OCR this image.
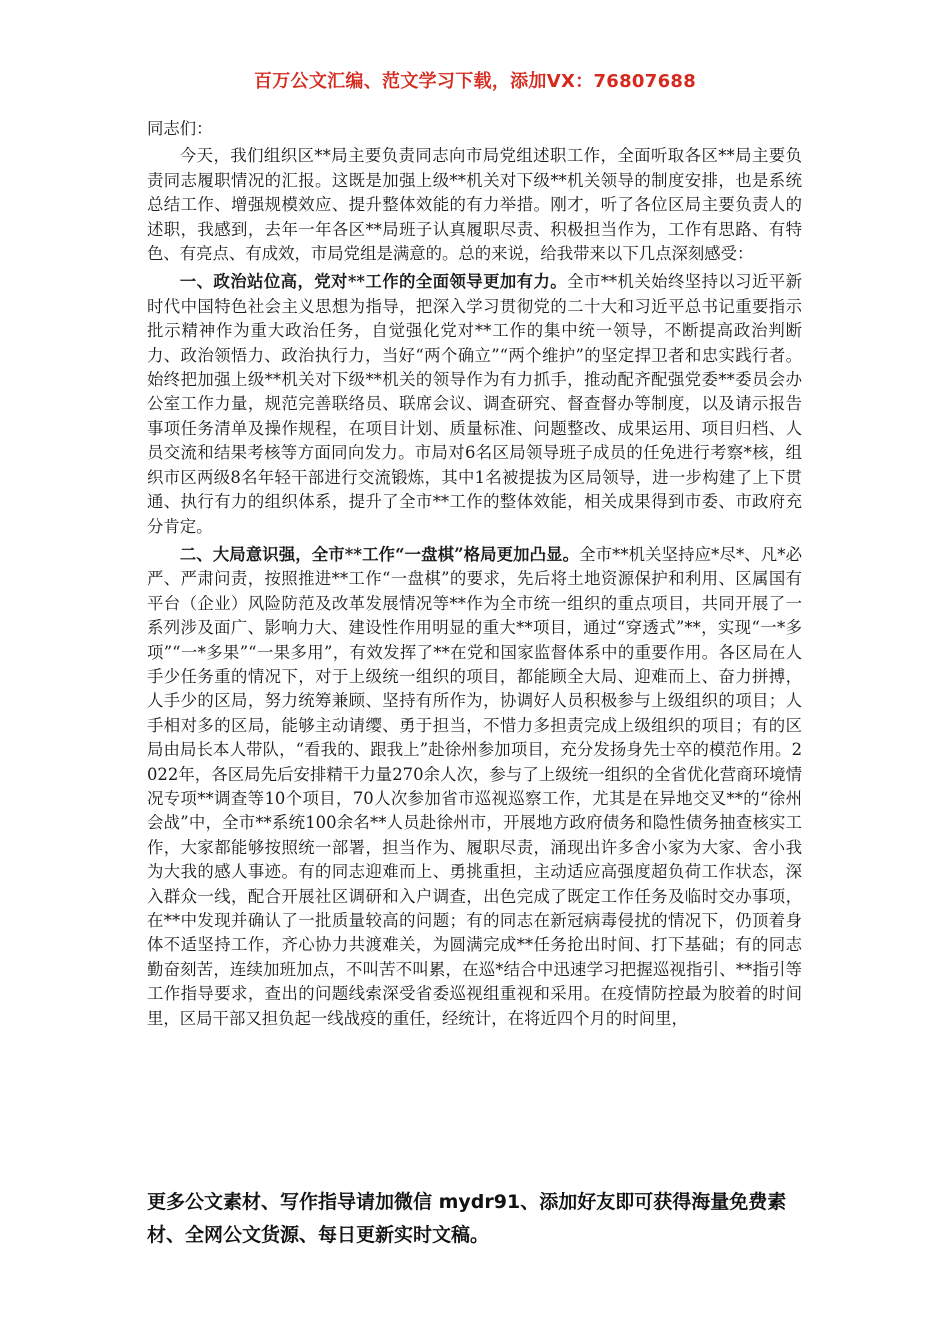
百万公文汇编、范文学习下载，添加VX：76807688

同志们：

今天，我们组织区**局主要负责同志向市局党组述职工作，全面听取各区**局主要负责同志履职情况的汇报。这既是加强上级**机关对下级**机关领导的制度安排，也是系统总结工作、增强规模效应、提升整体效能的有力举措。刚才，听了各位区局主要负责人的述职，我感到，去年一年各区**局班子认真履职尽责、积极担当作为，工作有思路、有特色、有亮点、有成效，市局党组是满意的。总的来说，给我带来以下几点深刻感受：

一、政治站位高，党对**工作的全面领导更加有力。全市**机关始终坚持以习近平新时代中国特色社会主义思想为指导，把深入学习贯彻党的二十大和习近平总书记重要指示批示精神作为重大政治任务，自觉强化党对**工作的集中统一领导，不断提高政治判断力、政治领悟力、政治执行力，当好“两个确立”“两个维护”的坚定捍卫者和忠实践行者。始终把加强上级**机关对下级**机关的领导作为有力抓手，推动配齐配强党委**委员会办公室工作力量，规范完善联络员、联席会议、调查研究、督查督办等制度，以及请示报告事项任务清单及操作规程，在项目计划、质量标准、问题整改、成果运用、项目归档、人员交流和结果考核等方面同向发力。市局对6名区局领导班子成员的任免进行考察*核，组织市区两级8名年轻干部进行交流锻炼，其中1名被提拔为区局领导，进一步构建了上下贯通、执行有力的组织体系，提升了全市**工作的整体效能，相关成果得到市委、市政府充分肯定。

二、大局意识强，全市**工作“一盘棋”格局更加凸显。全市**机关坚持应*尽*、凡*必严、严肃问责，按照推进**工作“一盘棋”的要求，先后将土地资源保护和利用、区属国有平台（企业）风险防范及改革发展情况等**作为全市统一组织的重点项目，共同开展了一系列涉及面广、影响力大、建设性作用明显的重大**项目，通过“穿透式”**，实现“一*多项”“一*多果”“一果多用”，有效发挥了**在党和国家监督体系中的重要作用。各区局在人手少任务重的情况下，对于上级统一组织的项目，都能顾全大局、迎难而上、奋力拼搏，人手少的区局，努力统筹兼顾、坚持有所作为，协调好人员积极参与上级组织的项目；人手相对多的区局，能够主动请缨、勇于担当，不惜力多担责完成上级组织的项目；有的区局由局长本人带队，“看我的、跟我上”赴徐州参加项目，充分发扬身先士卒的模范作用。2022年，各区局先后安排精干力量270余人次，参与了上级统一组织的全省优化营商环境情况专项**调查等10个项目，70人次参加省市巡视巡察工作，尤其是在异地交叉**的“徐州会战”中，全市**系统100余名**人员赴徐州市，开展地方政府债务和隐性债务抽查核实工作，大家都能够按照统一部署，担当作为、履职尽责，涌现出许多舍小家为大家、舍小我为大我的感人事迹。有的同志迎难而上、勇挑重担，主动适应高强度超负荷工作状态，深入群众一线，配合开展社区调研和入户调查，出色完成了既定工作任务及临时交办事项，在**中发现并确认了一批质量较高的问题；有的同志在新冠病毒侵扰的情况下，仍顶着身体不适坚持工作，齐心协力共渡难关，为圆满完成**任务抢出时间、打下基础；有的同志勤奋刻苦，连续加班加点，不叫苦不叫累，在巡*结合中迅速学习把握巡视指引、**指引等工作指导要求，查出的问题线索深受省委巡视组重视和采用。在疫情防控最为胶着的时间里，区局干部又担负起一线战疫的重任，经统计，在将近四个月的时间里，

更多公文素材、写作指导请加微信 mydr91、添加好友即可获得海量免费素材、全网公文货源、每日更新实时文稿。
